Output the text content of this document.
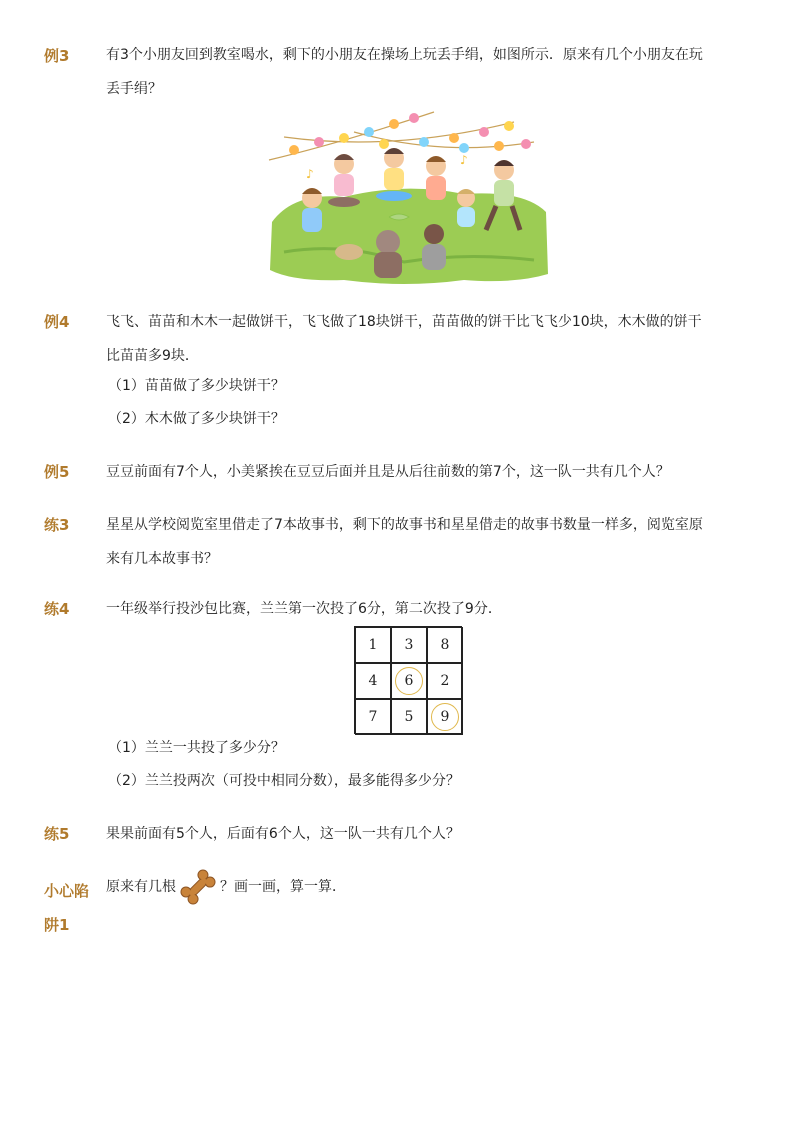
例3	有3个小朋友回到教室喝水，剩下的小朋友在操场上玩丢手绢，如图所示．原来有几个小朋友在玩
丢手绢？
♪
♪
例4	飞飞、苗苗和木木一起做饼干，飞飞做了18块饼干，苗苗做的饼干比飞飞少10块，木木做的饼干
比苗苗多9块．
（1）苗苗做了多少块饼干？
（2）木木做了多少块饼干？
例5	豆豆前面有7个人，小美紧挨在豆豆后面并且是从后往前数的第7个，这一队一共有几个人？
练3	星星从学校阅览室里借走了7本故事书，剩下的故事书和星星借走的故事书数量一样多，阅览室原
来有几本故事书？
练4	一年级举行投沙包比赛，兰兰第一次投了6分，第二次投了9分．
1	3	8
4	6	2
7	5	9
（1）兰兰一共投了多少分？
（2）兰兰投两次（可投中相同分数），最多能得多少分？
练5	果果前面有5个人，后面有6个人，这一队一共有几个人？
小心陷
阱1
原来有几根	？画一画，算一算．
